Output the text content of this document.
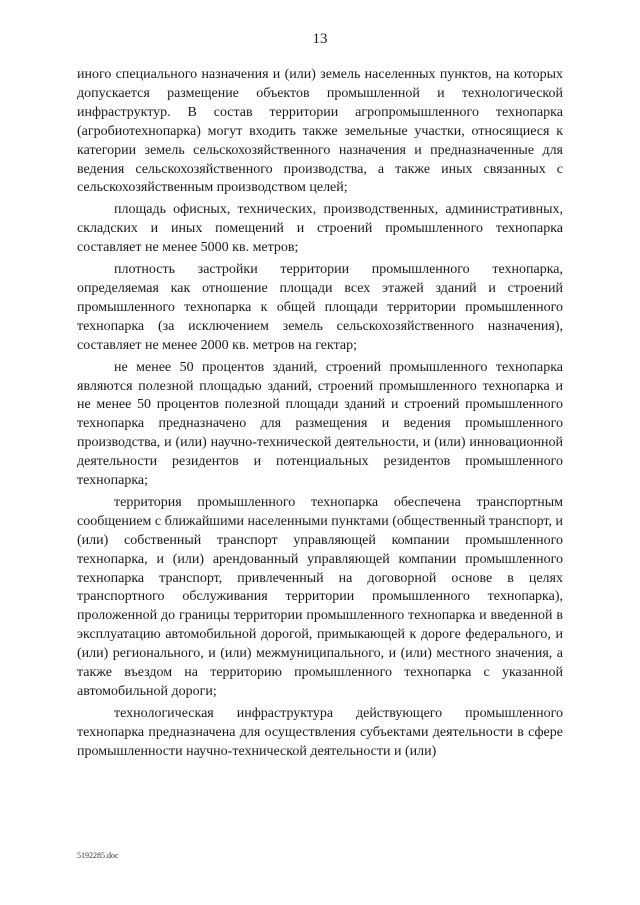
13

иного специального назначения и (или) земель населенных пунктов, на которых допускается размещение объектов промышленной и технологической инфраструктур. В состав территории агропромышленного технопарка (агробиотехнопарка) могут входить также земельные участки, относящиеся к категории земель сельскохозяйственного назначения и предназначенные для ведения сельскохозяйственного производства, а также иных связанных с сельскохозяйственным производством целей;

площадь офисных, технических, производственных, административных, складских и иных помещений и строений промышленного технопарка составляет не менее 5000 кв. метров;

плотность застройки территории промышленного технопарка, определяемая как отношение площади всех этажей зданий и строений промышленного технопарка к общей площади территории промышленного технопарка (за исключением земель сельскохозяйственного назначения), составляет не менее 2000 кв. метров на гектар;

не менее 50 процентов зданий, строений промышленного технопарка являются полезной площадью зданий, строений промышленного технопарка и не менее 50 процентов полезной площади зданий и строений промышленного технопарка предназначено для размещения и ведения промышленного производства, и (или) научно-технической деятельности, и (или) инновационной деятельности резидентов и потенциальных резидентов промышленного технопарка;

территория промышленного технопарка обеспечена транспортным сообщением с ближайшими населенными пунктами (общественный транспорт, и (или) собственный транспорт управляющей компании промышленного технопарка, и (или) арендованный управляющей компании промышленного технопарка транспорт, привлеченный на договорной основе в целях транспортного обслуживания территории промышленного технопарка), проложенной до границы территории промышленного технопарка и введенной в эксплуатацию автомобильной дорогой, примыкающей к дороге федерального, и (или) регионального, и (или) межмуниципального, и (или) местного значения, а также въездом на территорию промышленного технопарка с указанной автомобильной дороги;

технологическая инфраструктура действующего промышленного технопарка предназначена для осуществления субъектами деятельности в сфере промышленности научно-технической деятельности и (или)

5192285.doc
